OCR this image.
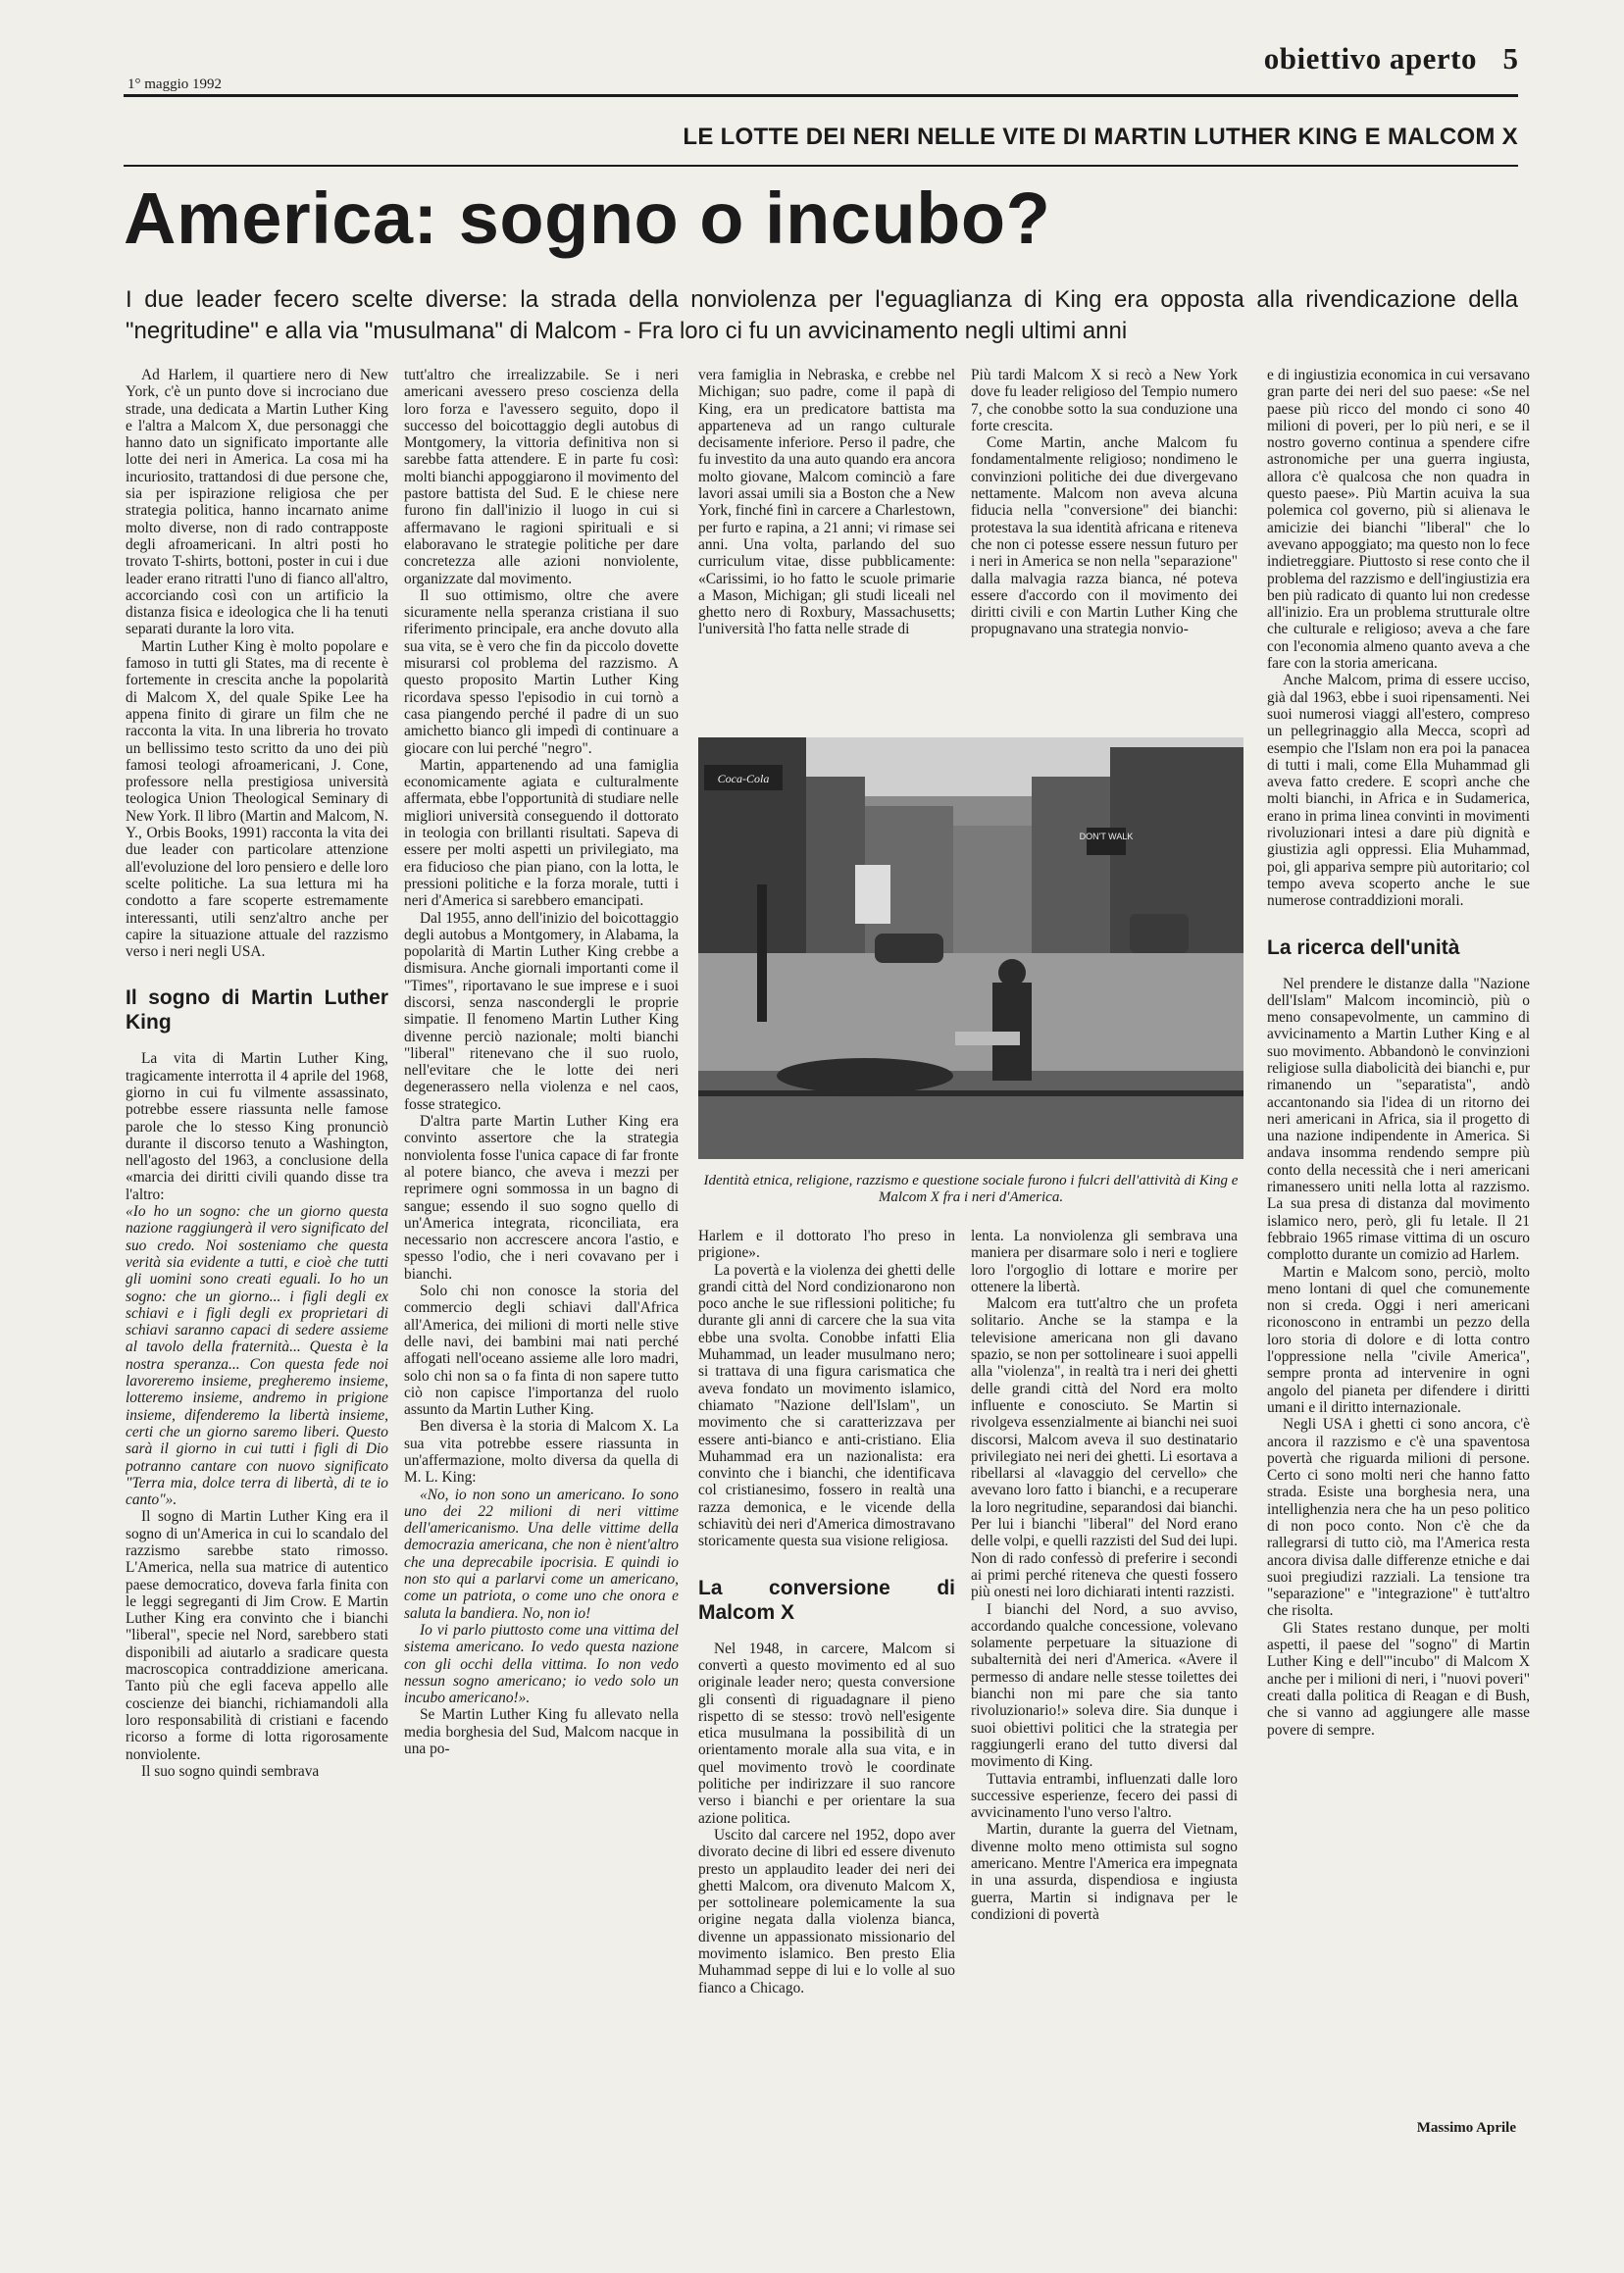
1° maggio 1992
obiettivo aperto 5
LE LOTTE DEI NERI NELLE VITE DI MARTIN LUTHER KING E MALCOM X
America: sogno o incubo?
I due leader fecero scelte diverse: la strada della nonviolenza per l'eguaglianza di King era opposta alla rivendicazione della "negritudine" e alla via "musulmana" di Malcom - Fra loro ci fu un avvicinamento negli ultimi anni

Ad Harlem, il quartiere nero di New York, c'è un punto dove si incrociano due strade, una dedicata a Martin Luther King e l'altra a Malcom X, due personaggi che hanno dato un significato importante alle lotte dei neri in America. La cosa mi ha incuriosito, trattandosi di due persone che, sia per ispirazione religiosa che per strategia politica, hanno incarnato anime molto diverse, non di rado contrapposte degli afroamericani. In altri posti ho trovato T-shirts, bottoni, poster in cui i due leader erano ritratti l'uno di fianco all'altro, accorciando così con un artificio la distanza fisica e ideologica che li ha tenuti separati durante la loro vita.

Martin Luther King è molto popolare e famoso in tutti gli States, ma di recente è fortemente in crescita anche la popolarità di Malcom X, del quale Spike Lee ha appena finito di girare un film che ne racconta la vita. In una libreria ho trovato un bellissimo testo scritto da uno dei più famosi teologi afroamericani, J. Cone, professore nella prestigiosa università teologica Union Theological Seminary di New York. Il libro (Martin and Malcom, N. Y., Orbis Books, 1991) racconta la vita dei due leader con particolare attenzione all'evoluzione del loro pensiero e delle loro scelte politiche. La sua lettura mi ha condotto a fare scoperte estremamente interessanti, utili senz'altro anche per capire la situazione attuale del razzismo verso i neri negli USA.

Il sogno di Martin Luther King

La vita di Martin Luther King, tragicamente interrotta il 4 aprile del 1968, giorno in cui fu vilmente assassinato, potrebbe essere riassunta nelle famose parole che lo stesso King pronunciò durante il discorso tenuto a Washington, nell'agosto del 1963, a conclusione della «marcia dei diritti civili quando disse tra l'altro:

«Io ho un sogno: che un giorno questa nazione raggiungerà il vero significato del suo credo. Noi sosteniamo che questa verità sia evidente a tutti, e cioè che tutti gli uomini sono creati eguali. Io ho un sogno: che un giorno... i figli degli ex schiavi e i figli degli ex proprietari di schiavi saranno capaci di sedere assieme al tavolo della fraternità... Questa è la nostra speranza... Con questa fede noi lavoreremo insieme, pregheremo insieme, lotteremo insieme, andremo in prigione insieme, difenderemo la libertà insieme, certi che un giorno saremo liberi. Questo sarà il giorno in cui tutti i figli di Dio potranno cantare con nuovo significato "Terra mia, dolce terra di libertà, di te io canto"».

Il sogno di Martin Luther King era il sogno di un'America in cui lo scandalo del razzismo sarebbe stato rimosso. L'America, nella sua matrice di autentico paese democratico, doveva farla finita con le leggi segreganti di Jim Crow. E Martin Luther King era convinto che i bianchi "liberal", specie nel Nord, sarebbero stati disponibili ad aiutarlo a sradicare questa macroscopica contraddizione americana. Tanto più che egli faceva appello alle coscienze dei bianchi, richiamandoli alla loro responsabilità di cristiani e facendo ricorso a forme di lotta rigorosamente nonviolente.

Il suo sogno quindi sembrava

tutt'altro che irrealizzabile. Se i neri americani avessero preso coscienza della loro forza e l'avessero seguito, dopo il successo del boicottaggio degli autobus di Montgomery, la vittoria definitiva non si sarebbe fatta attendere. E in parte fu così: molti bianchi appoggiarono il movimento del pastore battista del Sud. E le chiese nere furono fin dall'inizio il luogo in cui si affermavano le ragioni spirituali e si elaboravano le strategie politiche per dare concretezza alle azioni nonviolente, organizzate dal movimento.

Il suo ottimismo, oltre che avere sicuramente nella speranza cristiana il suo riferimento principale, era anche dovuto alla sua vita, se è vero che fin da piccolo dovette misurarsi col problema del razzismo. A questo proposito Martin Luther King ricordava spesso l'episodio in cui tornò a casa piangendo perché il padre di un suo amichetto bianco gli impedì di continuare a giocare con lui perché "negro".

Martin, appartenendo ad una famiglia economicamente agiata e culturalmente affermata, ebbe l'opportunità di studiare nelle migliori università conseguendo il dottorato in teologia con brillanti risultati. Sapeva di essere per molti aspetti un privilegiato, ma era fiducioso che pian piano, con la lotta, le pressioni politiche e la forza morale, tutti i neri d'America si sarebbero emancipati.

Dal 1955, anno dell'inizio del boicottaggio degli autobus a Montgomery, in Alabama, la popolarità di Martin Luther King crebbe a dismisura. Anche giornali importanti come il "Times", riportavano le sue imprese e i suoi discorsi, senza nascondergli le proprie simpatie. Il fenomeno Martin Luther King divenne perciò nazionale; molti bianchi "liberal" ritenevano che il suo ruolo, nell'evitare che le lotte dei neri degenerassero nella violenza e nel caos, fosse strategico.

D'altra parte Martin Luther King era convinto assertore che la strategia nonviolenta fosse l'unica capace di far fronte al potere bianco, che aveva i mezzi per reprimere ogni sommossa in un bagno di sangue; essendo il suo sogno quello di un'America integrata, riconciliata, era necessario non accrescere ancora l'astio, e spesso l'odio, che i neri covavano per i bianchi.

Solo chi non conosce la storia del commercio degli schiavi dall'Africa all'America, dei milioni di morti nelle stive delle navi, dei bambini mai nati perché affogati nell'oceano assieme alle loro madri, solo chi non sa o fa finta di non sapere tutto ciò non capisce l'importanza del ruolo assunto da Martin Luther King.

Ben diversa è la storia di Malcom X. La sua vita potrebbe essere riassunta in un'affermazione, molto diversa da quella di M. L. King:

«No, io non sono un americano. Io sono uno dei 22 milioni di neri vittime dell'americanismo. Una delle vittime della democrazia americana, che non è nient'altro che una deprecabile ipocrisia. E quindi io non sto qui a parlarvi come un americano, come un patriota, o come uno che onora e saluta la bandiera. No, non io!

Io vi parlo piuttosto come una vittima del sistema americano. Io vedo questa nazione con gli occhi della vittima. Io non vedo nessun sogno americano; io vedo solo un incubo americano!».

Se Martin Luther King fu allevato nella media borghesia del Sud, Malcom nacque in una po-

vera famiglia in Nebraska, e crebbe nel Michigan; suo padre, come il papà di King, era un predicatore battista ma apparteneva ad un rango culturale decisamente inferiore. Perso il padre, che fu investito da una auto quando era ancora molto giovane, Malcom cominciò a fare lavori assai umili sia a Boston che a New York, finché finì in carcere a Charlestown, per furto e rapina, a 21 anni; vi rimase sei anni. Una volta, parlando del suo curriculum vitae, disse pubblicamente: «Carissimi, io ho fatto le scuole primarie a Mason, Michigan; gli studi liceali nel ghetto nero di Roxbury, Massachusetts; l'università l'ho fatta nelle strade di

Più tardi Malcom X si recò a New York dove fu leader religioso del Tempio numero 7, che conobbe sotto la sua conduzione una forte crescita.

Come Martin, anche Malcom fu fondamentalmente religioso; nondimeno le convinzioni politiche dei due divergevano nettamente. Malcom non aveva alcuna fiducia nella "conversione" dei bianchi: protestava la sua identità africana e riteneva che non ci potesse essere nessun futuro per i neri in America se non nella "separazione" dalla malvagia razza bianca, né poteva essere d'accordo con il movimento dei diritti civili e con Martin Luther King che propugnavano una strategia nonvio-

Coca-Cola
DON'T WALK
Identità etnica, religione, razzismo e questione sociale furono i fulcri dell'attività di King e Malcom X fra i neri d'America.

Harlem e il dottorato l'ho preso in prigione».

La povertà e la violenza dei ghetti delle grandi città del Nord condizionarono non poco anche le sue riflessioni politiche; fu durante gli anni di carcere che la sua vita ebbe una svolta. Conobbe infatti Elia Muhammad, un leader musulmano nero; si trattava di una figura carismatica che aveva fondato un movimento islamico, chiamato "Nazione dell'Islam", un movimento che si caratterizzava per essere anti-bianco e anti-cristiano. Elia Muhammad era un nazionalista: era convinto che i bianchi, che identificava col cristianesimo, fossero in realtà una razza demonica, e le vicende della schiavitù dei neri d'America dimostravano storicamente questa sua visione religiosa.

La conversione di Malcom X

Nel 1948, in carcere, Malcom si convertì a questo movimento ed al suo originale leader nero; questa conversione gli consentì di riguadagnare il pieno rispetto di se stesso: trovò nell'esigente etica musulmana la possibilità di un orientamento morale alla sua vita, e in quel movimento trovò le coordinate politiche per indirizzare il suo rancore verso i bianchi e per orientare la sua azione politica.

Uscito dal carcere nel 1952, dopo aver divorato decine di libri ed essere divenuto presto un applaudito leader dei neri dei ghetti Malcom, ora divenuto Malcom X, per sottolineare polemicamente la sua origine negata dalla violenza bianca, divenne un appassionato missionario del movimento islamico. Ben presto Elia Muhammad seppe di lui e lo volle al suo fianco a Chicago.

lenta. La nonviolenza gli sembrava una maniera per disarmare solo i neri e togliere loro l'orgoglio di lottare e morire per ottenere la libertà.

Malcom era tutt'altro che un profeta solitario. Anche se la stampa e la televisione americana non gli davano spazio, se non per sottolineare i suoi appelli alla "violenza", in realtà tra i neri dei ghetti delle grandi città del Nord era molto influente e conosciuto. Se Martin si rivolgeva essenzialmente ai bianchi nei suoi discorsi, Malcom aveva il suo destinatario privilegiato nei neri dei ghetti. Li esortava a ribellarsi al «lavaggio del cervello» che avevano loro fatto i bianchi, e a recuperare la loro negritudine, separandosi dai bianchi. Per lui i bianchi "liberal" del Nord erano delle volpi, e quelli razzisti del Sud dei lupi. Non di rado confessò di preferire i secondi ai primi perché riteneva che questi fossero più onesti nei loro dichiarati intenti razzisti.

I bianchi del Nord, a suo avviso, accordando qualche concessione, volevano solamente perpetuare la situazione di subalternità dei neri d'America. «Avere il permesso di andare nelle stesse toilettes dei bianchi non mi pare che sia tanto rivoluzionario!» soleva dire. Sia dunque i suoi obiettivi politici che la strategia per raggiungerli erano del tutto diversi dal movimento di King.

Tuttavia entrambi, influenzati dalle loro successive esperienze, fecero dei passi di avvicinamento l'uno verso l'altro.

Martin, durante la guerra del Vietnam, divenne molto meno ottimista sul sogno americano. Mentre l'America era impegnata in una assurda, dispendiosa e ingiusta guerra, Martin si indignava per le condizioni di povertà

e di ingiustizia economica in cui versavano gran parte dei neri del suo paese: «Se nel paese più ricco del mondo ci sono 40 milioni di poveri, per lo più neri, e se il nostro governo continua a spendere cifre astronomiche per una guerra ingiusta, allora c'è qualcosa che non quadra in questo paese». Più Martin acuiva la sua polemica col governo, più si alienava le amicizie dei bianchi "liberal" che lo avevano appoggiato; ma questo non lo fece indietreggiare. Piuttosto si rese conto che il problema del razzismo e dell'ingiustizia era ben più radicato di quanto lui non credesse all'inizio. Era un problema strutturale oltre che culturale e religioso; aveva a che fare con l'economia almeno quanto aveva a che fare con la storia americana.

Anche Malcom, prima di essere ucciso, già dal 1963, ebbe i suoi ripensamenti. Nei suoi numerosi viaggi all'estero, compreso un pellegrinaggio alla Mecca, scoprì ad esempio che l'Islam non era poi la panacea di tutti i mali, come Ella Muhammad gli aveva fatto credere. E scoprì anche che molti bianchi, in Africa e in Sudamerica, erano in prima linea convinti in movimenti rivoluzionari intesi a dare più dignità e giustizia agli oppressi. Elia Muhammad, poi, gli appariva sempre più autoritario; col tempo aveva scoperto anche le sue numerose contraddizioni morali.

La ricerca dell'unità

Nel prendere le distanze dalla "Nazione dell'Islam" Malcom incominciò, più o meno consapevolmente, un cammino di avvicinamento a Martin Luther King e al suo movimento. Abbandonò le convinzioni religiose sulla diabolicità dei bianchi e, pur rimanendo un "separatista", andò accantonando sia l'idea di un ritorno dei neri americani in Africa, sia il progetto di una nazione indipendente in America. Si andava insomma rendendo sempre più conto della necessità che i neri americani rimanessero uniti nella lotta al razzismo. La sua presa di distanza dal movimento islamico nero, però, gli fu letale. Il 21 febbraio 1965 rimase vittima di un oscuro complotto durante un comizio ad Harlem.

Martin e Malcom sono, perciò, molto meno lontani di quel che comunemente non si creda. Oggi i neri americani riconoscono in entrambi un pezzo della loro storia di dolore e di lotta contro l'oppressione nella "civile America", sempre pronta ad intervenire in ogni angolo del pianeta per difendere i diritti umani e il diritto internazionale.

Negli USA i ghetti ci sono ancora, c'è ancora il razzismo e c'è una spaventosa povertà che riguarda milioni di persone. Certo ci sono molti neri che hanno fatto strada. Esiste una borghesia nera, una intellighenzia nera che ha un peso politico di non poco conto. Non c'è che da rallegrarsi di tutto ciò, ma l'America resta ancora divisa dalle differenze etniche e dai suoi pregiudizi razziali. La tensione tra "separazione" e "integrazione" è tutt'altro che risolta.

Gli States restano dunque, per molti aspetti, il paese del "sogno" di Martin Luther King e dell'"incubo" di Malcom X anche per i milioni di neri, i "nuovi poveri" creati dalla politica di Reagan e di Bush, che si vanno ad aggiungere alle masse povere di sempre.

Massimo Aprile
